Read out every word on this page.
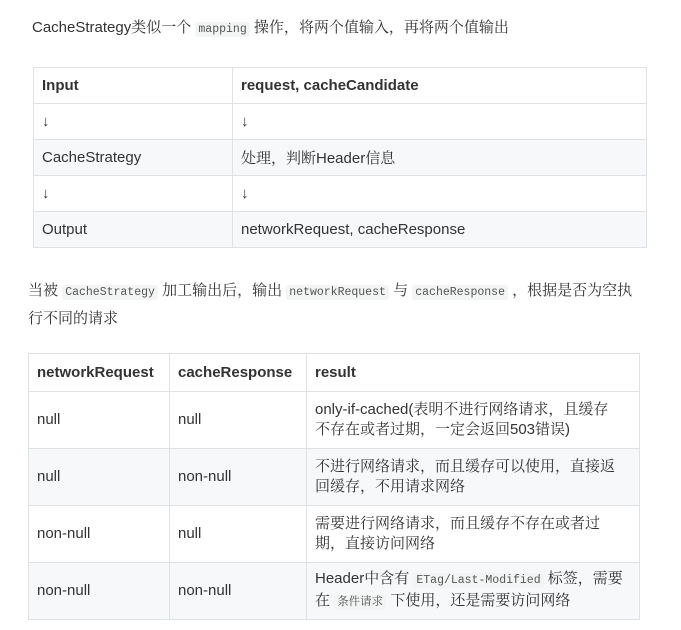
CacheStrategy类似一个 mapping 操作，将两个值输入，再将两个值输出
Input	request, cacheCandidate
↓	↓
CacheStrategy	处理，判断Header信息
↓	↓
Output	networkRequest, cacheResponse
当被 CacheStrategy 加工输出后，输出 networkRequest 与 cacheResponse ，根据是否为空执
行不同的请求
networkRequest	cacheResponse	result
null	null	only-if-cached(表明不进行网络请求，且缓存
不存在或者过期，一定会返回503错误)

null	non-null	不进行网络请求，而且缓存可以使用，直接返
回缓存，不用请求网络

non-null	null	需要进行网络请求，而且缓存不存在或者过
期，直接访问网络

non-null	non-null	Header中含有 ETag/Last-Modified 标签，需要
在 条件请求 下使用，还是需要访问网络
